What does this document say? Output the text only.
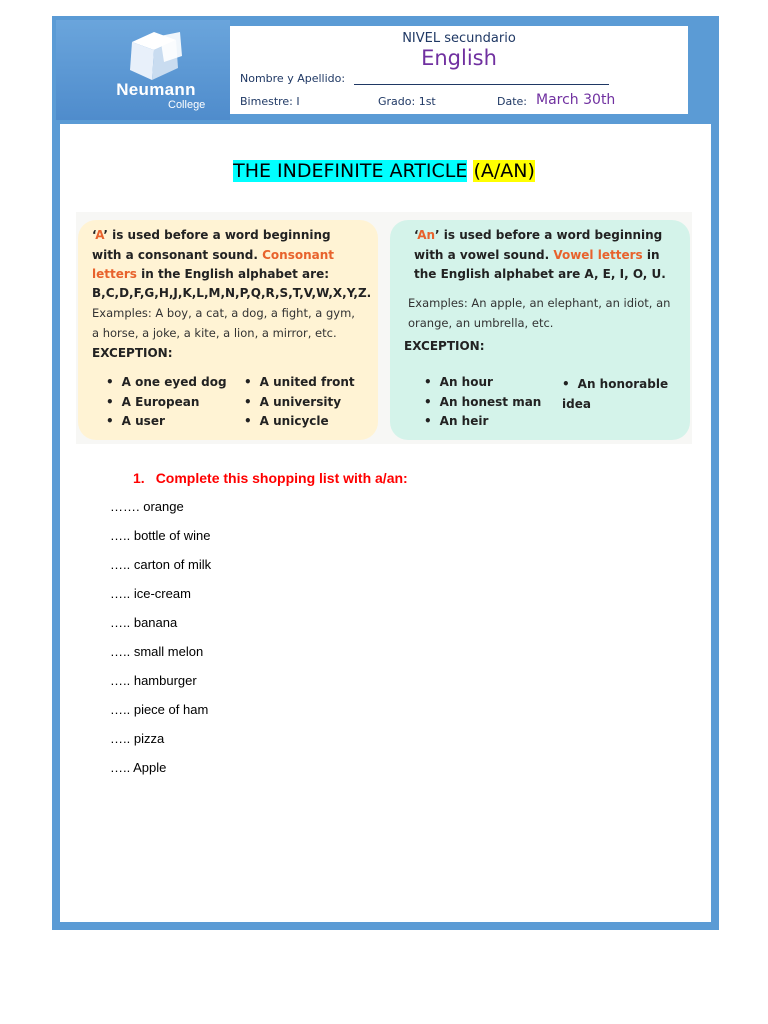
Neumann
College
NIVEL secundario
English
Nombre y Apellido:
Bimestre: I	Grado: 1st	Date: March 30th
THE INDEFINITE ARTICLE (A/AN)
‘A’ is used before a word beginning with a consonant sound. Consonant letters in the English alphabet are:
B,C,D,F,G,H,J,K,L,M,N,P,Q,R,S,T,V,W,X,Y,Z.
Examples: A boy, a cat, a dog, a fight, a gym, a horse, a joke, a kite, a lion, a mirror, etc.
EXCEPTION:
• A one eyed dog
• A European
• A user
• A united front
• A university
• A unicycle
‘An’ is used before a word beginning with a vowel sound. Vowel letters in the English alphabet are A, E, I, O, U.
Examples: An apple, an elephant, an idiot, an orange, an umbrella, etc.
EXCEPTION:
• An hour
• An honest man
• An heir
• An honorable idea
1. Complete this shopping list with a/an:
……. orange
….. bottle of wine
….. carton of milk
….. ice-cream
….. banana
….. small melon
….. hamburger
….. piece of ham
….. pizza
….. Apple
